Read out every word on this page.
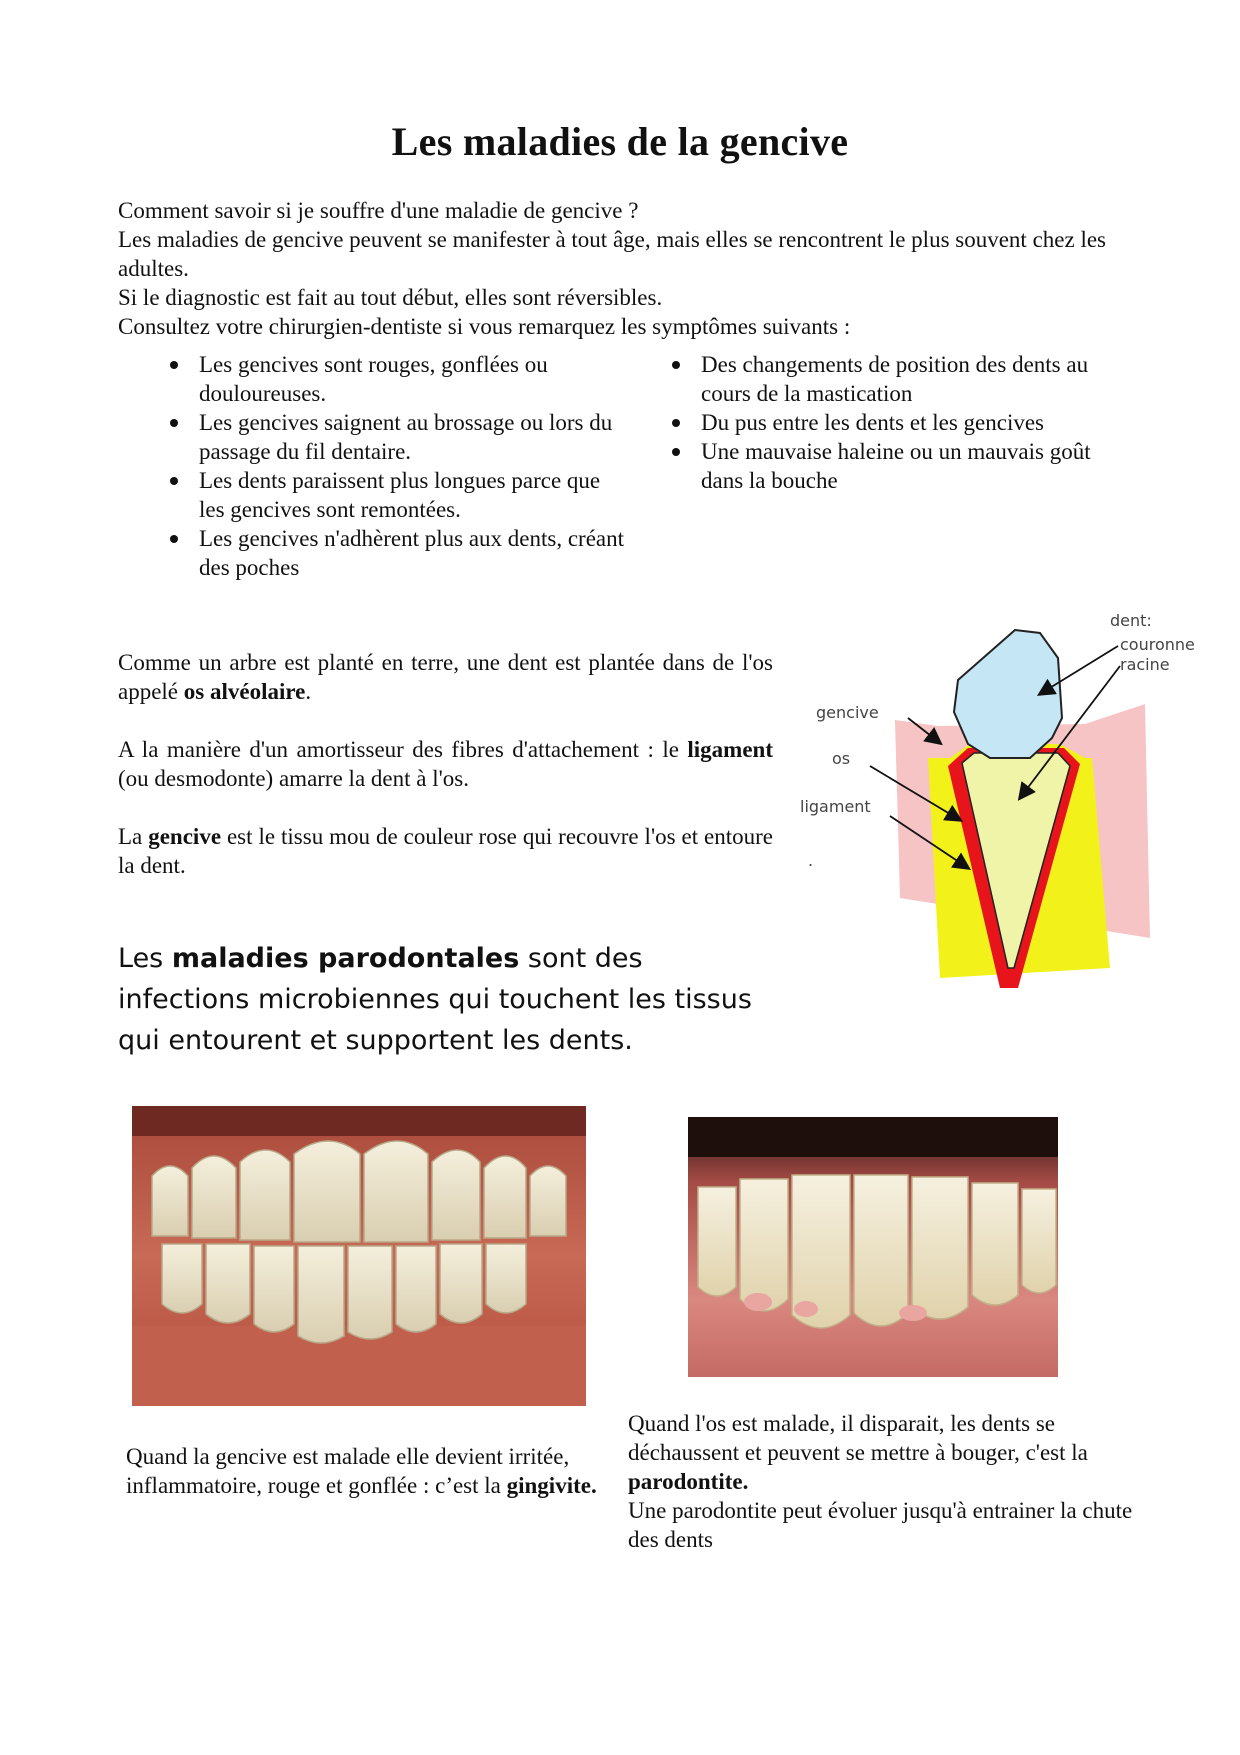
Les maladies de la gencive

Comment savoir si je souffre d'une maladie de gencive ?

Les maladies de gencive peuvent se manifester à tout âge, mais elles se rencontrent le plus souvent chez les adultes.

Si le diagnostic est fait au tout début, elles sont réversibles.

Consultez votre chirurgien-dentiste si vous remarquez les symptômes suivants :

Les gencives sont rouges, gonflées ou douloureuses.
Les gencives saignent au brossage ou lors du passage du fil dentaire.
Les dents paraissent plus longues parce que les gencives sont remontées.
Les gencives n'adhèrent plus aux dents, créant des poches
Des changements de position des dents au cours de la mastication
Du pus entre les dents et les gencives
Une mauvaise haleine ou un mauvais goût dans la bouche

Comme un arbre est planté en terre, une dent est plantée dans de l'os appelé os alvéolaire.

A la manière d'un amortisseur des fibres d'attachement : le ligament (ou desmodonte) amarre la dent à l'os.

La gencive est le tissu mou de couleur rose qui recouvre l'os et entoure la dent.

dent:
couronne
racine
gencive
os
ligament
.
Les maladies parodontales sont des infections microbiennes qui touchent les tissus qui entourent et supportent les dents.
Quand la gencive est malade elle devient irritée, inflammatoire, rouge et gonflée : c’est la gingivite.
Quand l'os est malade, il disparait, les dents se déchaussent et peuvent se mettre à bouger, c'est la parodontite.
Une parodontite peut évoluer jusqu'à entrainer la chute des dents
